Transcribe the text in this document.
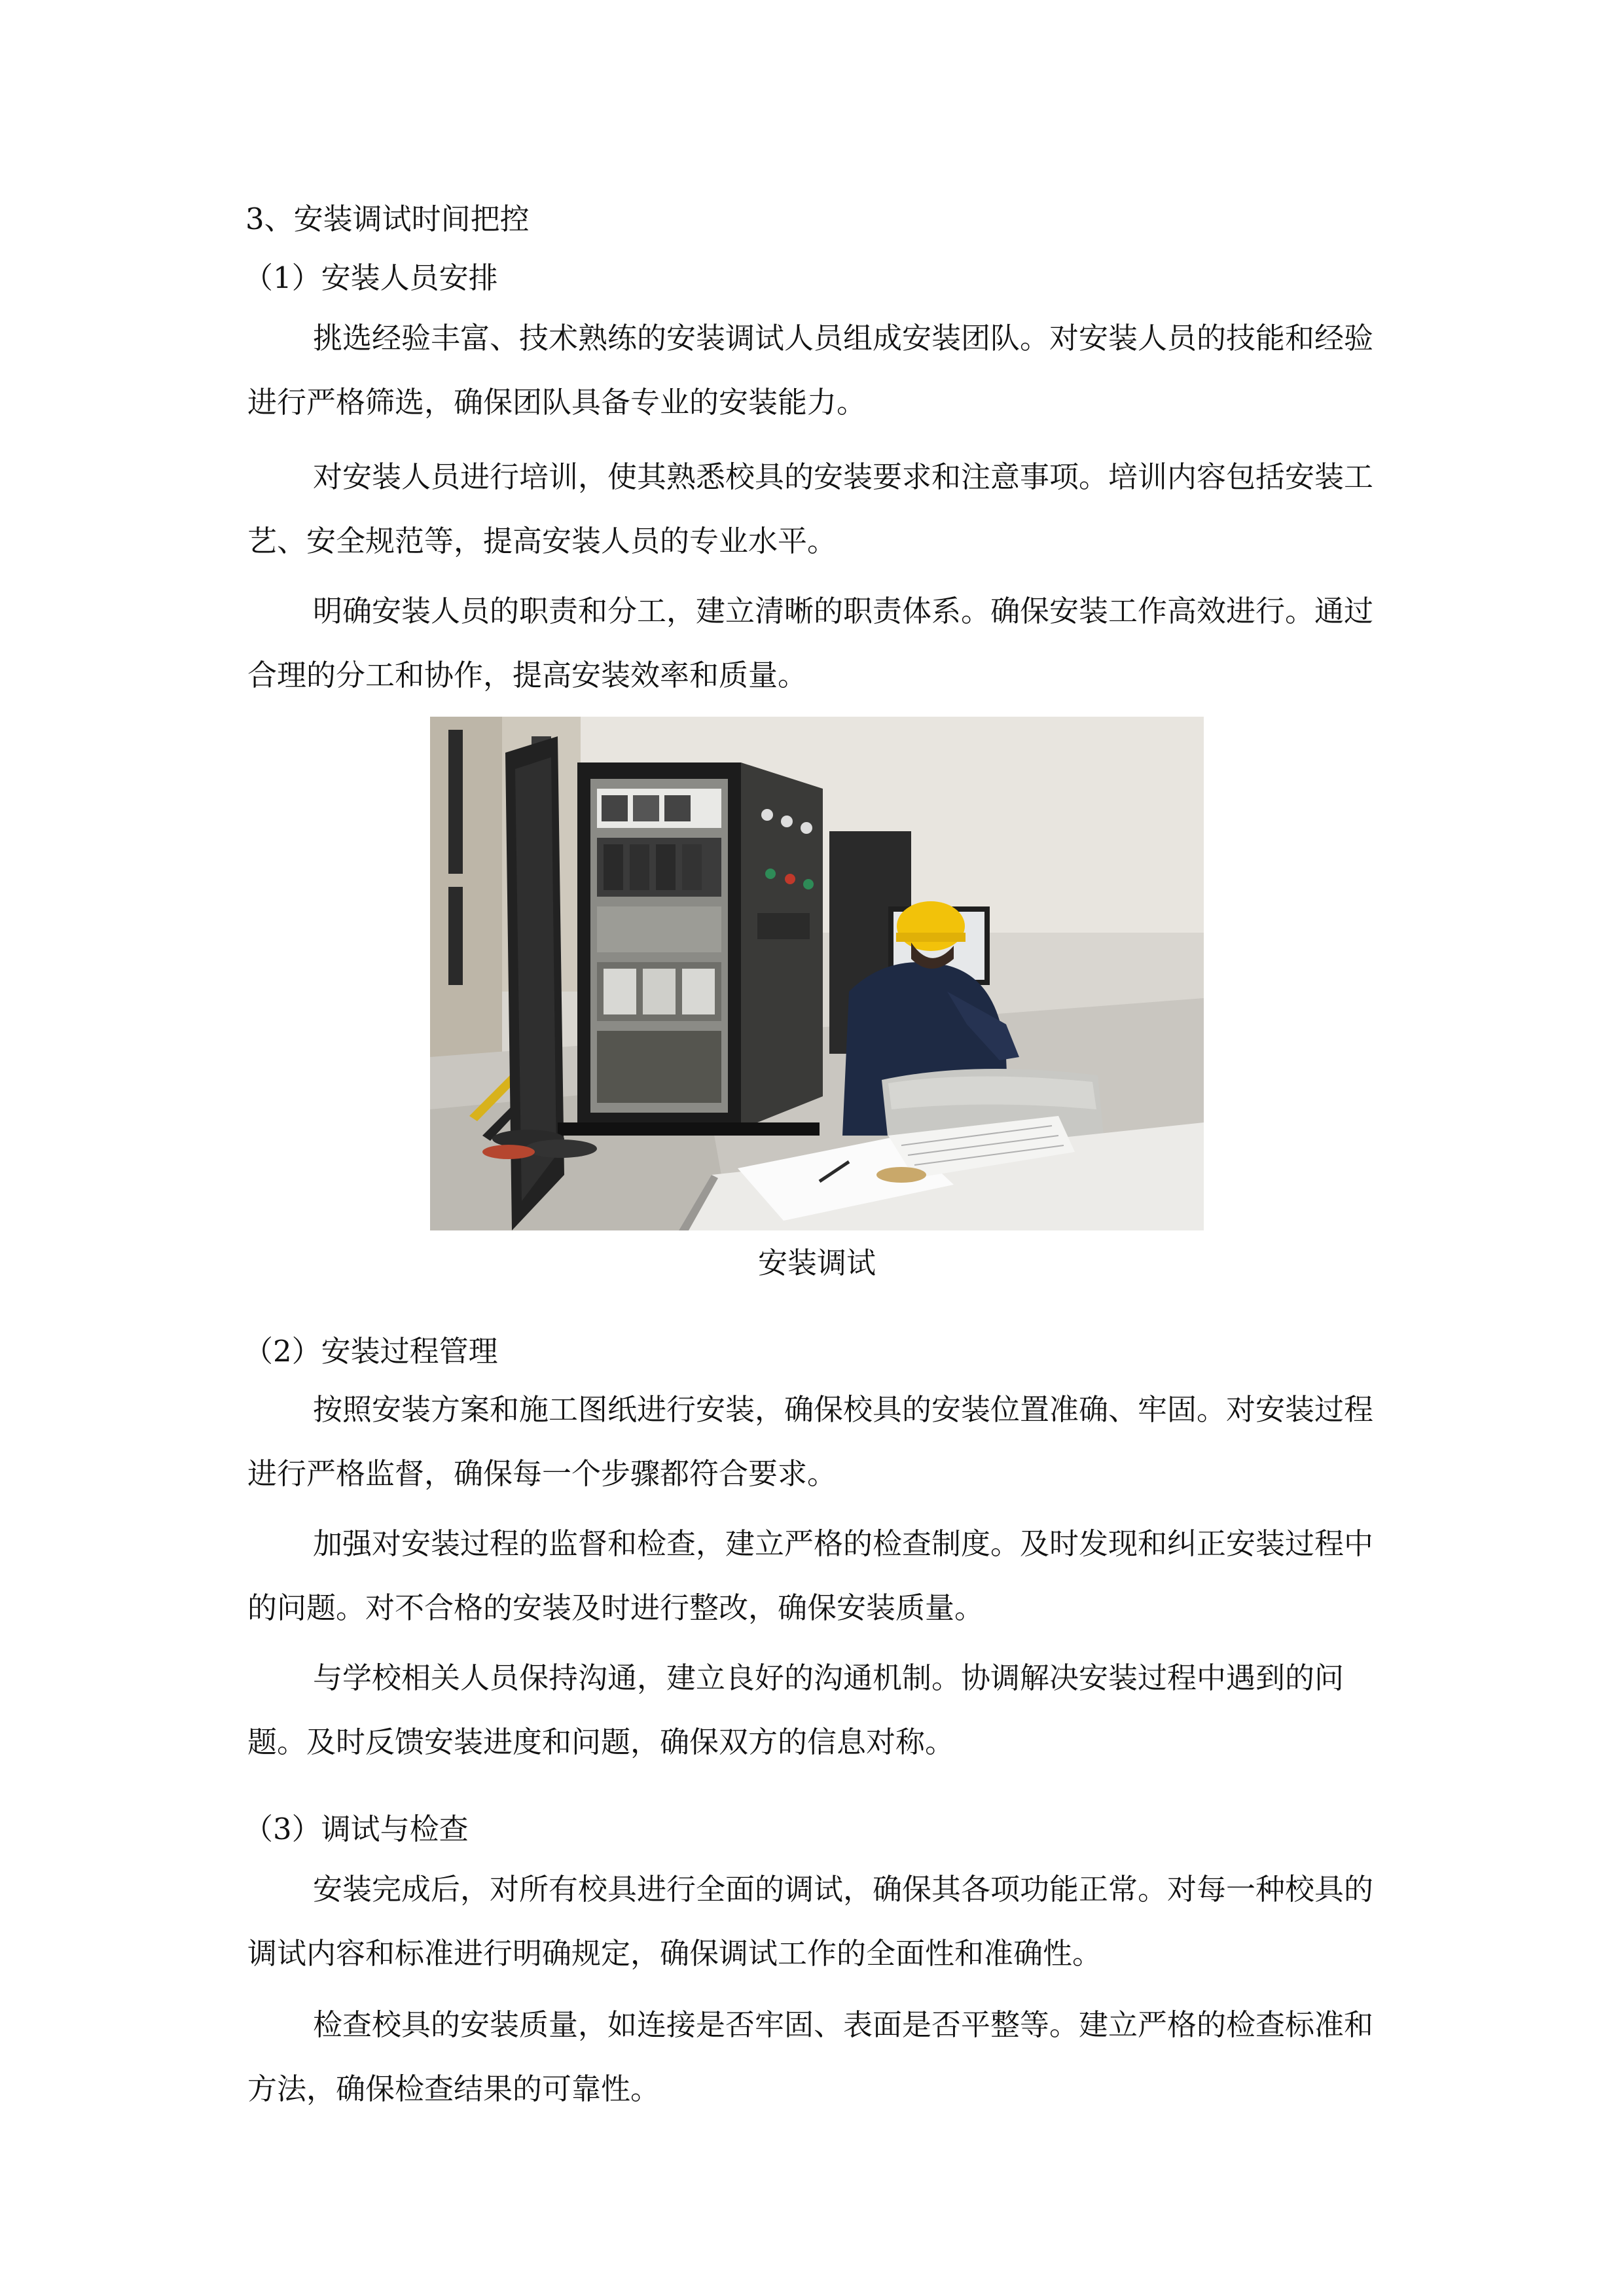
3、安装调试时间把控
（1）安装人员安排

挑选经验丰富、技术熟练的安装调试人员组成安装团队。对安装人员的技能和经验进行严格筛选，确保团队具备专业的安装能力。

对安装人员进行培训，使其熟悉校具的安装要求和注意事项。培训内容包括安装工艺、安全规范等，提高安装人员的专业水平。

明确安装人员的职责和分工，建立清晰的职责体系。确保安装工作高效进行。通过合理的分工和协作，提高安装效率和质量。

安装调试
（2）安装过程管理

按照安装方案和施工图纸进行安装，确保校具的安装位置准确、牢固。对安装过程进行严格监督，确保每一个步骤都符合要求。

加强对安装过程的监督和检查，建立严格的检查制度。及时发现和纠正安装过程中的问题。对不合格的安装及时进行整改，确保安装质量。

与学校相关人员保持沟通，建立良好的沟通机制。协调解决安装过程中遇到的问题。及时反馈安装进度和问题，确保双方的信息对称。

（3）调试与检查

安装完成后，对所有校具进行全面的调试，确保其各项功能正常。对每一种校具的调试内容和标准进行明确规定，确保调试工作的全面性和准确性。

检查校具的安装质量，如连接是否牢固、表面是否平整等。建立严格的检查标准和方法，确保检查结果的可靠性。
